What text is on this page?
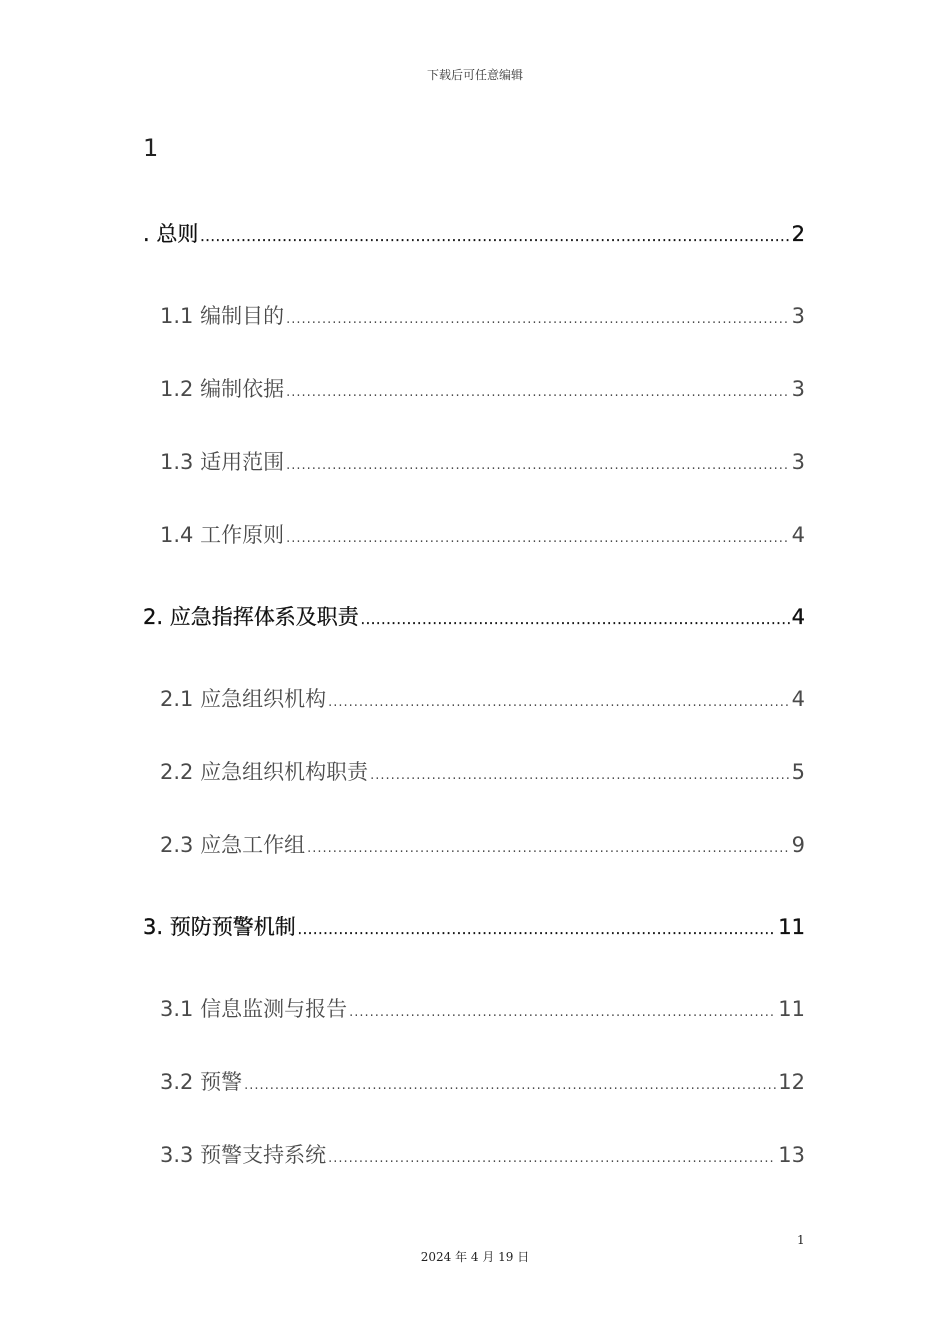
下载后可任意编辑
1
. 总则 .....	2
1.1 编制目的 .....	3
1.2 编制依据 .....	3
1.3 适用范围 .....	3
1.4 工作原则 .....	4
2. 应急指挥体系及职责 .....	4
2.1 应急组织机构 .....	4
2.2 应急组织机构职责 .....	5
2.3 应急工作组 .....	9
3. 预防预警机制 .....	11
3.1 信息监测与报告 .....	11
3.2 预警 .....	12
3.3 预警支持系统 .....	13
1
2024 年 4 月 19 日
